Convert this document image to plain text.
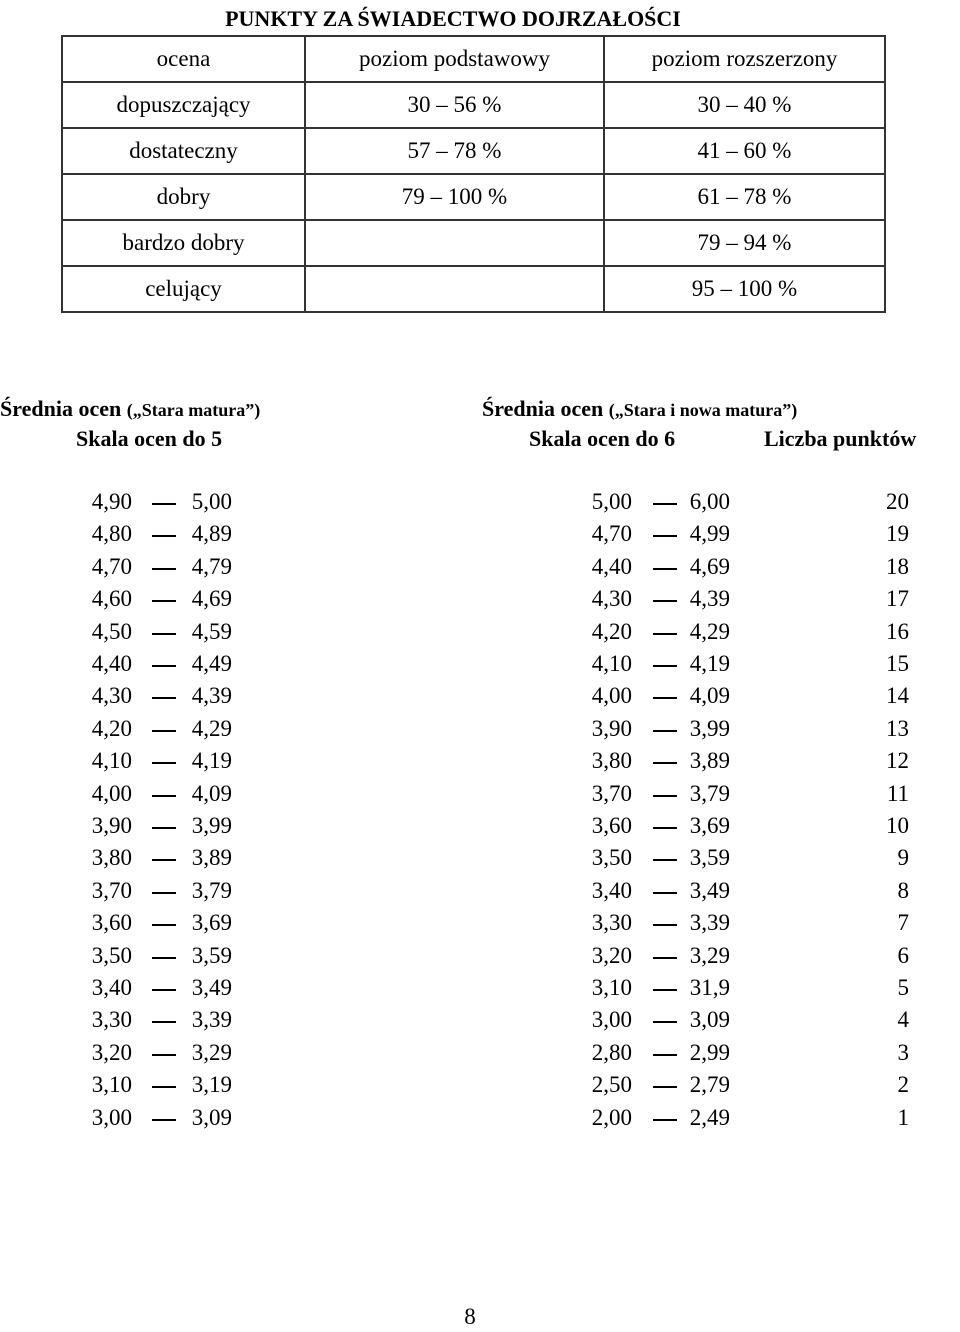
PUNKTY ZA ŚWIADECTWO DOJRZAŁOŚCI
ocena	poziom podstawowy	poziom rozszerzony
dopuszczający	30 – 56 %	30 – 40 %
dostateczny	57 – 78 %	41 – 60 %
dobry	79 – 100 %	61 – 78 %
bardzo dobry		79 – 94 %
celujący		95 – 100 %
Średnia ocen („Stara matura”)
Skala ocen do 5
Średnia ocen („Stara i nowa matura”)
Skala ocen do 6	Liczba punktów
4,90	5,00	5,00	6,00	20
4,80	4,89	4,70	4,99	19
4,70	4,79	4,40	4,69	18
4,60	4,69	4,30	4,39	17
4,50	4,59	4,20	4,29	16
4,40	4,49	4,10	4,19	15
4,30	4,39	4,00	4,09	14
4,20	4,29	3,90	3,99	13
4,10	4,19	3,80	3,89	12
4,00	4,09	3,70	3,79	11
3,90	3,99	3,60	3,69	10
3,80	3,89	3,50	3,59	9
3,70	3,79	3,40	3,49	8
3,60	3,69	3,30	3,39	7
3,50	3,59	3,20	3,29	6
3,40	3,49	3,10	31,9	5
3,30	3,39	3,00	3,09	4
3,20	3,29	2,80	2,99	3
3,10	3,19	2,50	2,79	2
3,00	3,09	2,00	2,49	1
8
